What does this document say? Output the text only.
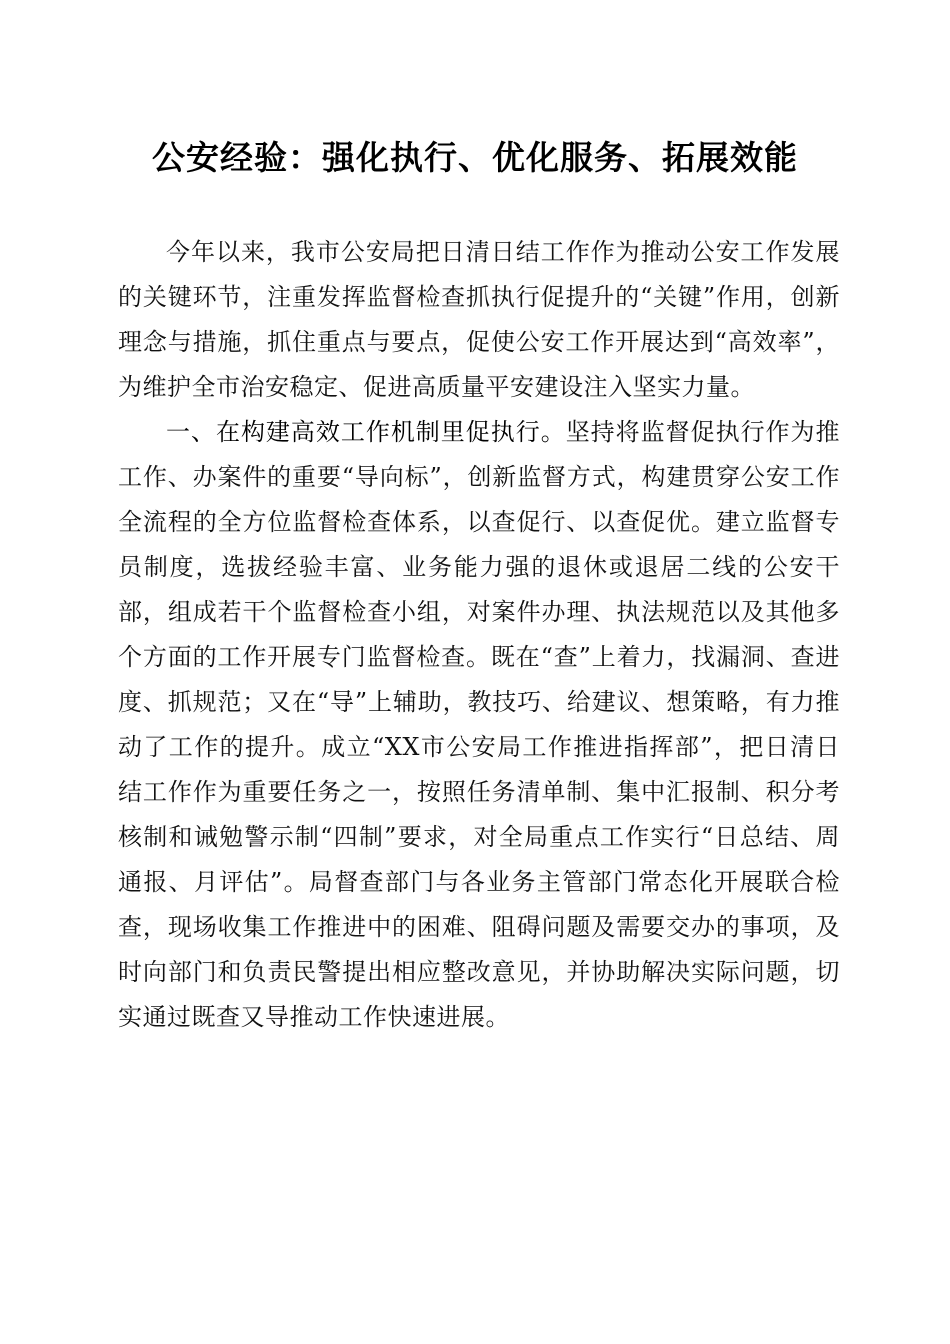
公安经验：强化执行、优化服务、拓展效能

今年以来，我市公安局把日清日结工作作为推动公安工作发展的关键环节，注重发挥监督检查抓执行促提升的“关键”作用，创新理念与措施，抓住重点与要点，促使公安工作开展达到“高效率”，为维护全市治安稳定、促进高质量平安建设注入坚实力量。

一、在构建高效工作机制里促执行。坚持将监督促执行作为推工作、办案件的重要“导向标”，创新监督方式，构建贯穿公安工作全流程的全方位监督检查体系，以查促行、以查促优。建立监督专员制度，选拔经验丰富、业务能力强的退休或退居二线的公安干部，组成若干个监督检查小组，对案件办理、执法规范以及其他多个方面的工作开展专门监督检查。既在“查”上着力，找漏洞、查进度、抓规范；又在“导”上辅助，教技巧、给建议、想策略，有力推动了工作的提升。成立“XX市公安局工作推进指挥部”，把日清日结工作作为重要任务之一，按照任务清单制、集中汇报制、积分考核制和诫勉警示制“四制”要求，对全局重点工作实行“日总结、周通报、月评估”。局督查部门与各业务主管部门常态化开展联合检查，现场收集工作推进中的困难、阻碍问题及需要交办的事项，及时向部门和负责民警提出相应整改意见，并协助解决实际问题，切实通过既查又导推动工作快速进展。
